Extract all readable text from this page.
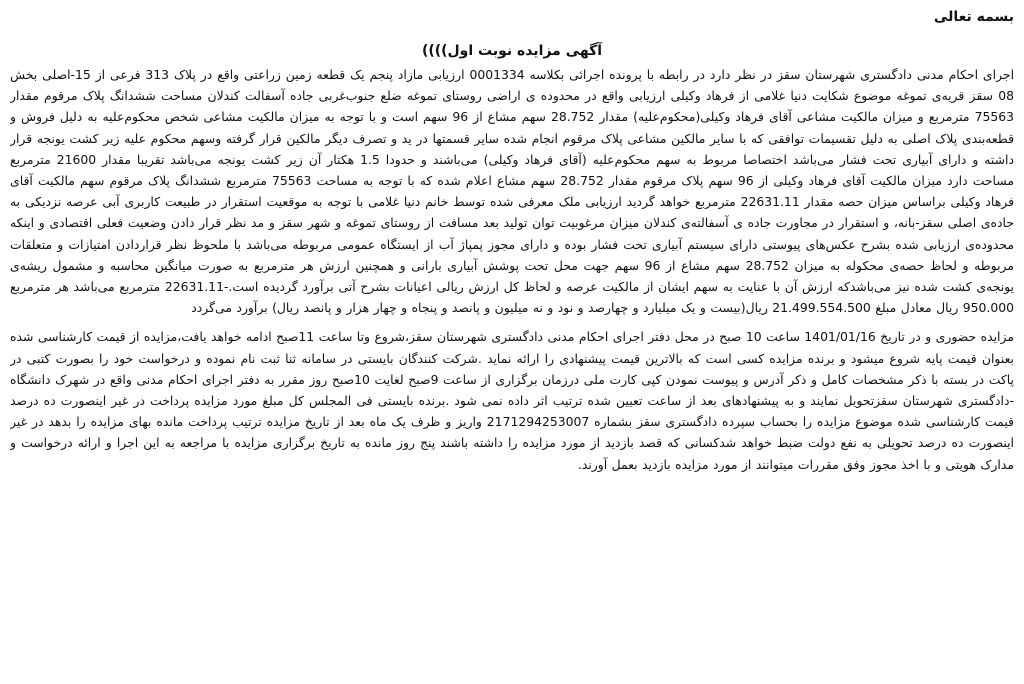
بسمه تعالی

آگهی مزایده نوبت اول))))

اجرای احکام مدنی دادگستری شهرستان سقز در نظر دارد در رابطه با پرونده اجرائی بکلاسه 0001334 ارزیابی مازاد پنجم یک قطعه زمین زراعتی واقع در پلاک 313 فرعی از 15-اصلی بخش 08 سقز قریه‌ی تموغه موضوع شکایت دنیا غلامی از فرهاد وکیلی ارزیابی واقع در محدوده ی اراضی روستای تموغه ضلع جنوب‌غربی جاده آسفالت کندلان مساحت ششدانگ پلاک مرقوم مقدار 75563 مترمربع و میزان مالکیت مشاعی آقای فرهاد وکیلی(محکوم‌علیه) مقدار 28.752 سهم مشاع از 96 سهم است و با توجه به میزان مالکیت مشاعی شخص محکوم‌علیه به دلیل فروش و قطعه‌بندی پلاک اصلی به دلیل تقسیمات توافقی که با سایر مالکین مشاعی پلاک مرقوم انجام شده سایر قسمتها در ید و تصرف دیگر مالکین قرار گرفته وسهم محکوم علیه زیر کشت یونجه قرار داشته و دارای آبیاری تحت فشار می‌باشد اختصاصا مربوط به سهم محکوم‌علیه (آقای فرهاد وکیلی) می‌باشند و حدودا 1.5 هکتار آن زیر کشت یونجه می‌باشد تقریبا مقدار 21600 مترمربع مساحت دارد میزان مالکیت آقای فرهاد وکیلی از 96 سهم پلاک مرقوم مقدار 28.752 سهم مشاع اعلام شده که با توجه به مساحت 75563 مترمربع ششدانگ پلاک مرقوم سهم مالکیت آقای فرهاد وکیلی براساس میزان حصه مقدار 22631.11 مترمربع خواهد گردید ارزیابی ملک معرفی شده توسط خانم دنیا غلامی با توجه به موقعیت استقرار در طبیعت کاربری آبی عرصه نزدیکی به جاده‌ی اصلی سقز-بانه، و استقرار در مجاورت جاده ی آسفالته‌ی کندلان میزان مرغوبیت توان تولید بعد مسافت از روستای تموغه و شهر سقز و مد نظر قرار دادن وضعیت فعلی اقتصادی و اینکه محدوده‌ی ارزیابی شده بشرح عکس‌های پیوستی دارای سیستم آبیاری تحت فشار بوده و دارای مجوز پمپاژ آب از ایستگاه عمومی مربوطه می‌باشد با ملحوظ نظر قراردادن امتیازات و متعلقات مربوطه و لحاظ حصه‌ی محکوله به میزان 28.752 سهم مشاع از 96 سهم جهت محل تحت پوشش آبیاری بارانی و همچنین ارزش هر مترمربع به صورت میانگین محاسبه و مشمول ریشه‌ی یونجه‌ی کشت شده نیز می‌باشدکه ارزش آن با عنایت به سهم ایشان از مالکیت عرصه و لحاظ کل ارزش ریالی اعیانات بشرح آتی برآورد گردیده است.-22631.11 مترمربع می‌باشد هر مترمربع 950.000 ریال معادل مبلغ 21.499.554.500 ریال(بیست و یک میلیارد و چهارصد و نود و نه میلیون و پانصد و پنجاه و چهار هزار و پانصد ریال) برآورد می‌گردد

مزایده حضوری و در تاریخ 1401/01/16 ساعت 10 صبح در محل دفتر اجرای احکام مدنی دادگستری شهرستان سقز،شروع وتا ساعت 11صبح ادامه خواهد یافت،مزایده از قیمت کارشناسی شده بعنوان قیمت پایه شروع میشود و برنده مزایده کسی است که بالاترین قیمت پیشنهادی را ارائه نماید .شرکت کنندگان بایستی در سامانه ثنا ثبت نام نموده و درخواست خود را بصورت کتبی در پاکت در بسته با ذکر مشخصات کامل و ذکر آدرس و پیوست نمودن کپی کارت ملی درزمان برگزاری از ساعت 9صبح لغایت 10صبح روز مقرر به دفتر اجرای احکام مدنی واقع در شهرک دانشگاه -دادگستری شهرستان سقزتحویل نمایند و به پیشنهادهای بعد از ساعت تعیین شده ترتیب اثر داده نمی شود .برنده بایستی فی المجلس کل مبلغ مورد مزایده پرداخت در غیر اینصورت ده درصد قیمت کارشناسی شده موضوع مزایده را بحساب سپرده دادگستری سقز بشماره 2171294253007 واریز و ظرف یک ماه بعد از تاریخ مزایده ترتیب پرداخت مانده بهای مزایده را بدهد در غیر اینصورت ده درصد تحویلی به نفع دولت ضبط خواهد شدکسانی که قصد بازدید از مورد مزایده را داشته باشند پنج روز مانده به تاریخ برگزاری مزایده با مراجعه به این اجرا و ارائه درخواست و مدارک هویتی و با اخذ مجوز وفق مقررات میتوانند از مورد مزایده بازدید بعمل آورند.
